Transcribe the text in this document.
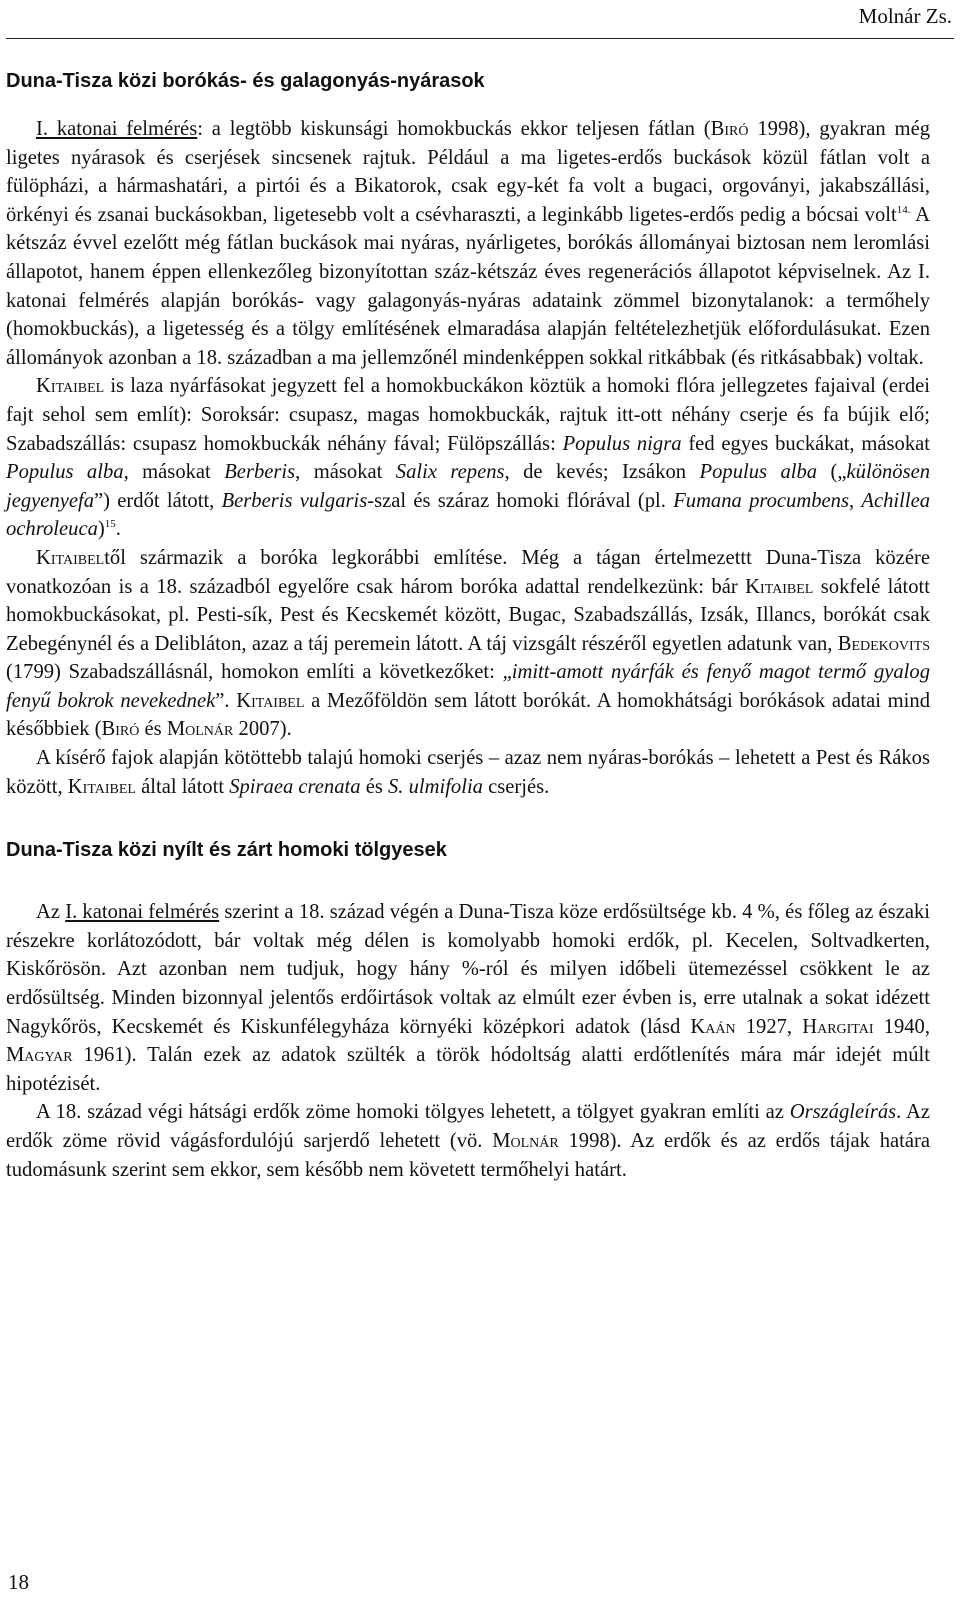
Molnár Zs.
Duna-Tisza közi borókás- és galagonyás-nyárasok

I. katonai felmérés: a legtöbb kiskunsági homokbuckás ekkor teljesen fátlan (Biró 1998), gyakran még ligetes nyárasok és cserjések sincsenek rajtuk. Például a ma ligetes-erdős buckások közül fátlan volt a fülöpházi, a hármashatári, a pirtói és a Bikatorok, csak egy-két fa volt a bugaci, orgoványi, jakabszállási, örkényi és zsanai buckásokban, ligetesebb volt a csévharaszti, a leginkább ligetes-erdős pedig a bócsai volt$^{14.}$ A kétszáz évvel ezelőtt még fátlan buckások mai nyáras, nyárligetes, borókás állományai biztosan nem leromlási állapotot, hanem éppen ellenkezőleg bizonyítottan száz-kétszáz éves regenerációs állapotot képviselnek. Az I. katonai felmérés alapján borókás- vagy galagonyás-nyáras adataink zömmel bizonytalanok: a termőhely (homokbuckás), a ligetesség és a tölgy említésének elmaradása alapján feltételezhetjük előfordulásukat. Ezen állományok azonban a 18. században a ma jellemzőnél mindenképpen sokkal ritkábbak (és ritkásabbak) voltak.

Kitaibel is laza nyárfásokat jegyzett fel a homokbuckákon köztük a homoki flóra jellegzetes fajaival (erdei fajt sehol sem említ): Soroksár: csupasz, magas homokbuckák, rajtuk itt-ott néhány cserje és fa bújik elő; Szabadszállás: csupasz homokbuckák néhány fával; Fülöpszállás: Populus nigra fed egyes buckákat, másokat Populus alba, másokat Berberis, másokat Salix repens, de kevés; Izsákon Populus alba („különösen jegyenyefa”) erdőt látott, Berberis vulgaris-szal és száraz homoki flórával (pl. Fumana procumbens, Achillea ochroleuca)$^{15}$.

Kitaibeltől származik a boróka legkorábbi említése. Még a tágan értelmezettt Duna-Tisza közére vonatkozóan is a 18. századból egyelőre csak három boróka adattal rendelkezünk: bár Kitaibel sokfelé látott homokbuckásokat, pl. Pesti-sík, Pest és Kecskemét között, Bugac, Szabadszállás, Izsák, Illancs, borókát csak Zebegénynél és a Delibláton, azaz a táj peremein látott. A táj vizsgált részéről egyetlen adatunk van, Bedekovits (1799) Szabadszállásnál, homokon említi a következőket: „imitt-amott nyárfák és fenyő magot termő gyalog fenyű bokrok nevekednek”. Kitaibel a Mezőföldön sem látott borókát. A homokhátsági borókások adatai mind későbbiek (Biró és Molnár 2007).

A kísérő fajok alapján kötöttebb talajú homoki cserjés – azaz nem nyáras-borókás – lehetett a Pest és Rákos között, Kitaibel által látott Spiraea crenata és S. ulmifolia cserjés.

Duna-Tisza közi nyílt és zárt homoki tölgyesek

Az I. katonai felmérés szerint a 18. század végén a Duna-Tisza köze erdősültsége kb. 4 %, és főleg az északi részekre korlátozódott, bár voltak még délen is komolyabb homoki erdők, pl. Kecelen, Soltvadkerten, Kiskőrösön. Azt azonban nem tudjuk, hogy hány %-ról és milyen időbeli ütemezéssel csökkent le az erdősültség. Minden bizonnyal jelentős erdőirtások voltak az elmúlt ezer évben is, erre utalnak a sokat idézett Nagykőrös, Kecskemét és Kiskunfélegyháza környéki középkori adatok (lásd Kaán 1927, Hargitai 1940, Magyar 1961). Talán ezek az adatok szülték a török hódoltság alatti erdőtlenítés mára már idejét múlt hipotézisét.

A 18. század végi hátsági erdők zöme homoki tölgyes lehetett, a tölgyet gyakran említi az Országleírás. Az erdők zöme rövid vágásfordulójú sarjerdő lehetett (vö. Molnár 1998). Az erdők és az erdős tájak határa tudomásunk szerint sem ekkor, sem később nem követett termőhelyi határt.

18
